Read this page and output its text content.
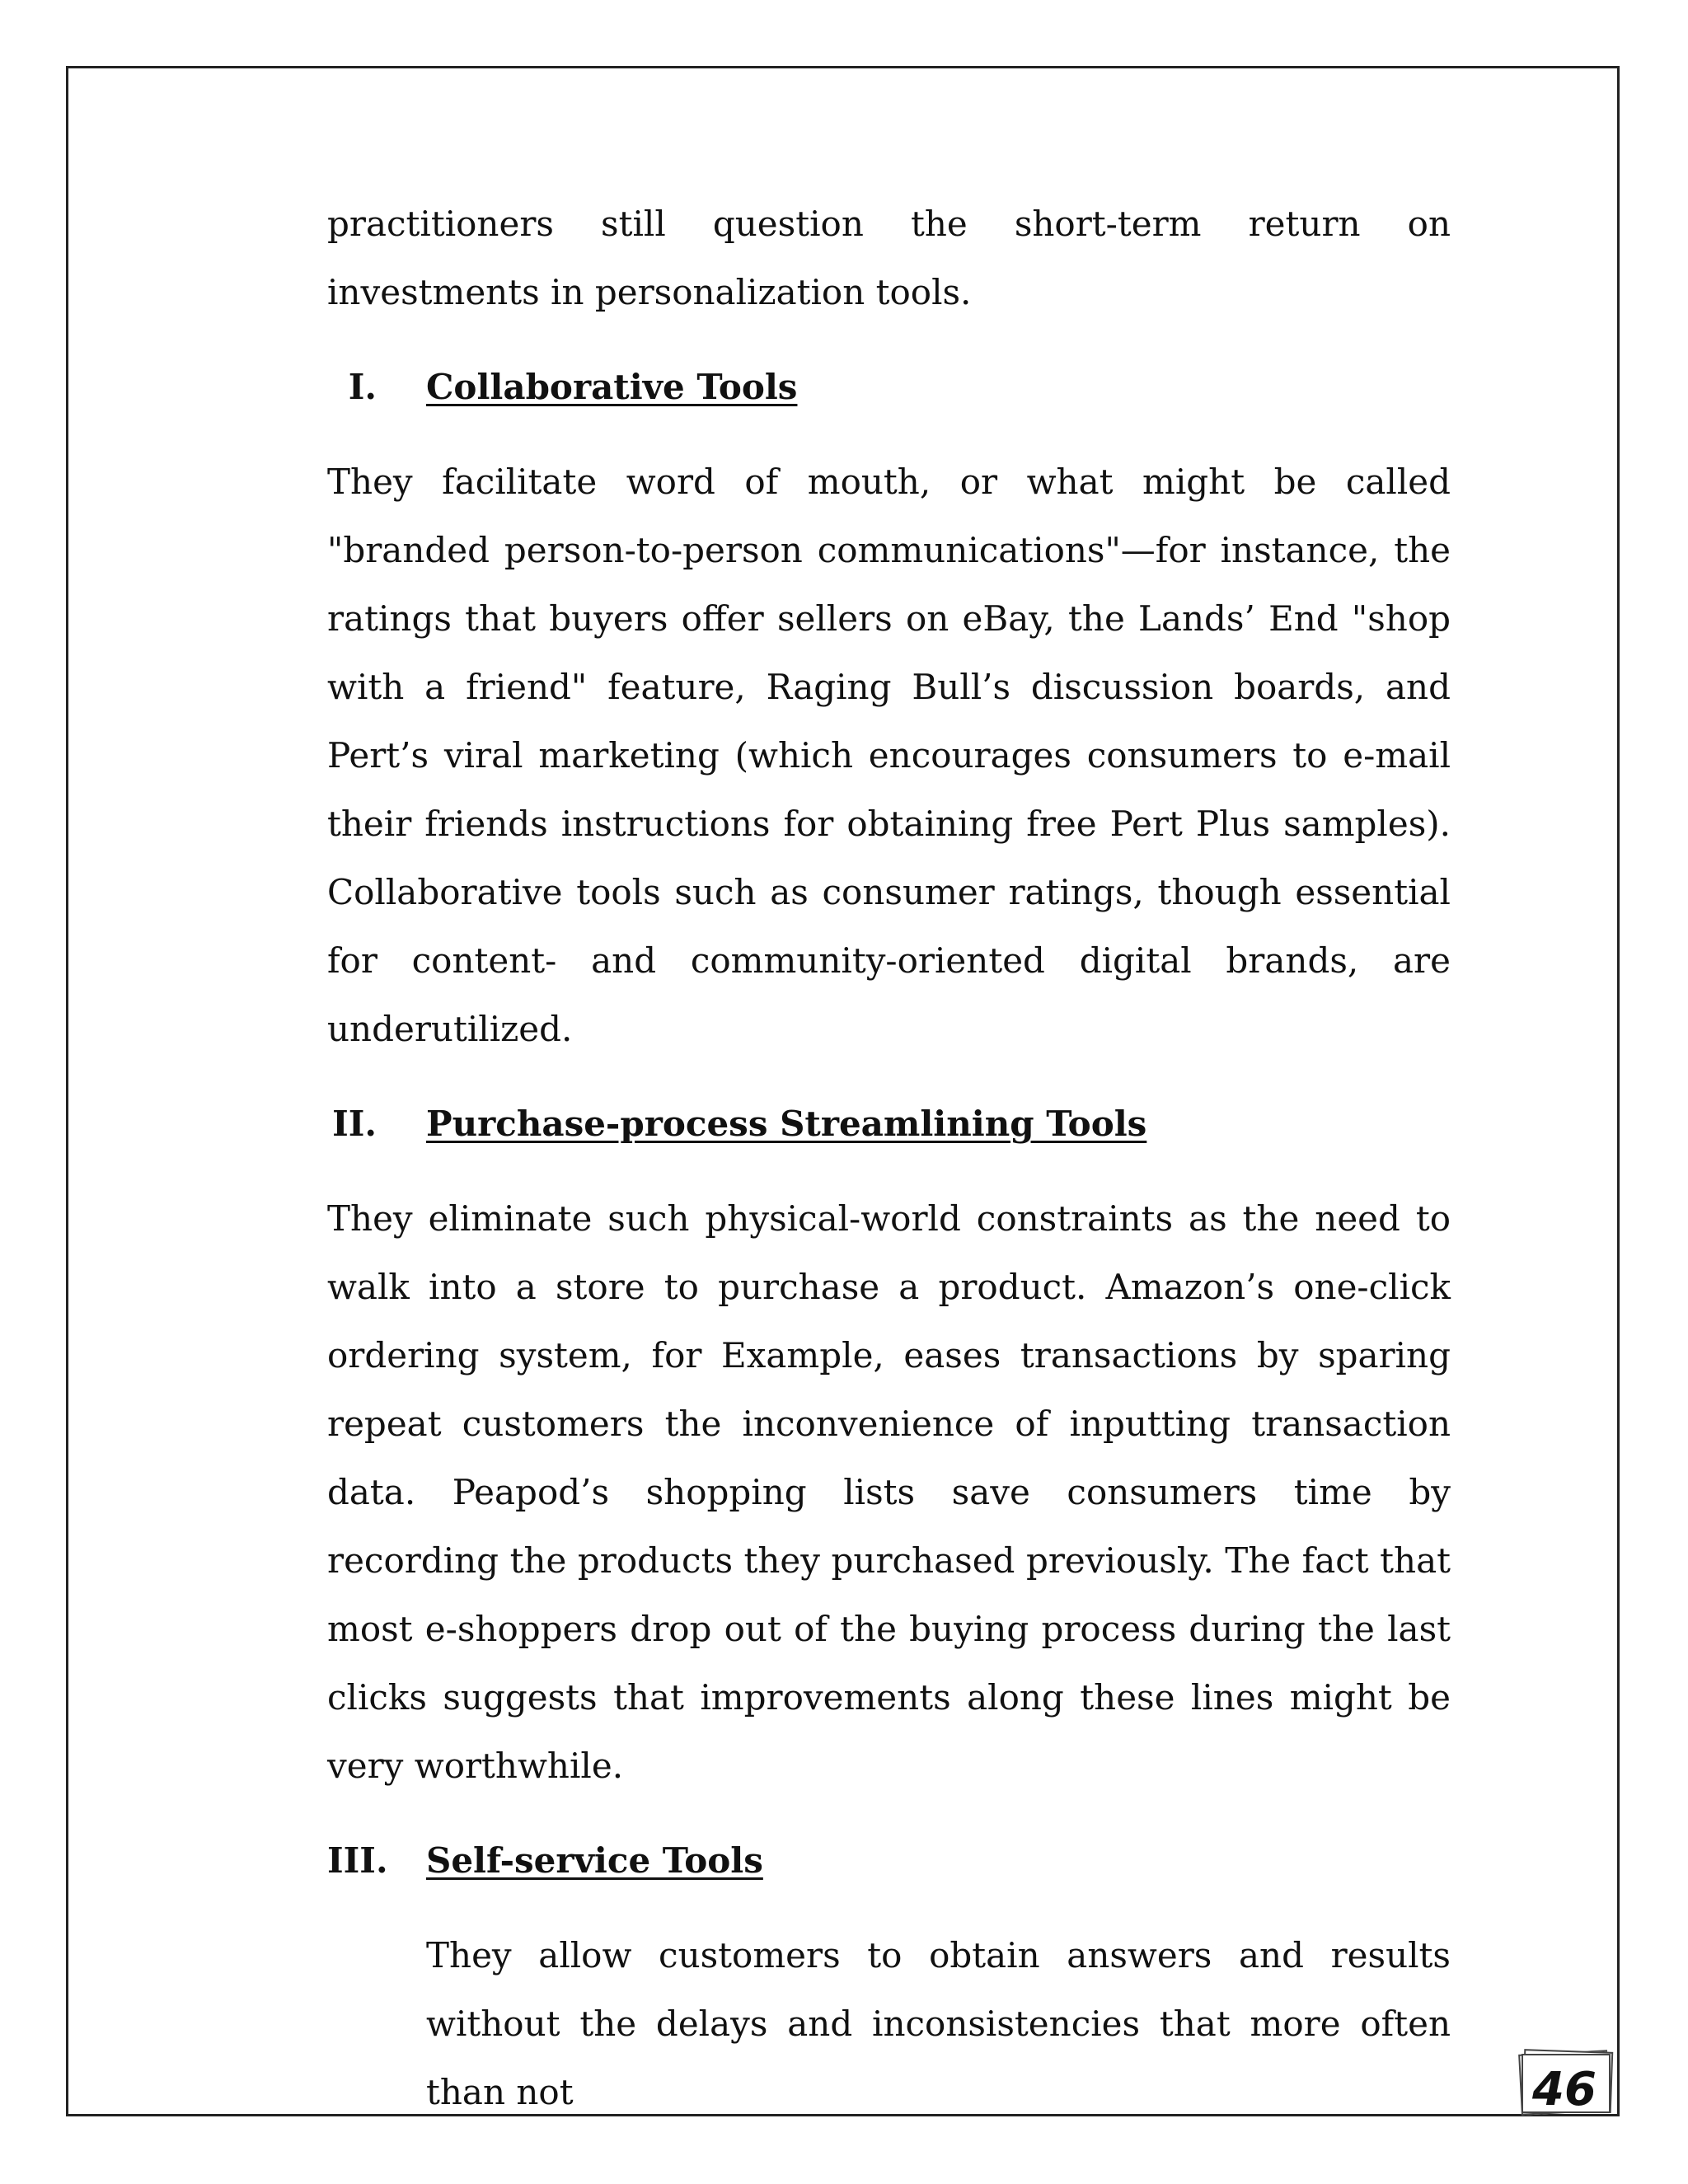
practitioners still question the short-term return on investments in personalization tools.

I.	Collaborative Tools

They facilitate word of mouth, or what might be called "branded person-to-person communications"—for instance, the ratings that buyers offer sellers on eBay, the Lands’ End "shop with a friend" feature, Raging Bull’s discussion boards, and Pert’s viral marketing (which encourages consumers to e-mail their friends instructions for obtaining free Pert Plus samples). Collaborative tools such as consumer ratings, though essential for content- and community-oriented digital brands, are underutilized.

II.	Purchase-process Streamlining Tools

They eliminate such physical-world constraints as the need to walk into a store to purchase a product. Amazon’s one-click ordering system, for Example, eases transactions by sparing repeat customers the inconvenience of inputting transaction data. Peapod’s shopping lists save consumers time by recording the products they purchased previously. The fact that most e-shoppers drop out of the buying process during the last clicks suggests that improvements along these lines might be very worthwhile.

III.	Self-service Tools

They allow customers to obtain answers and results without the delays and inconsistencies that more often than not	46
